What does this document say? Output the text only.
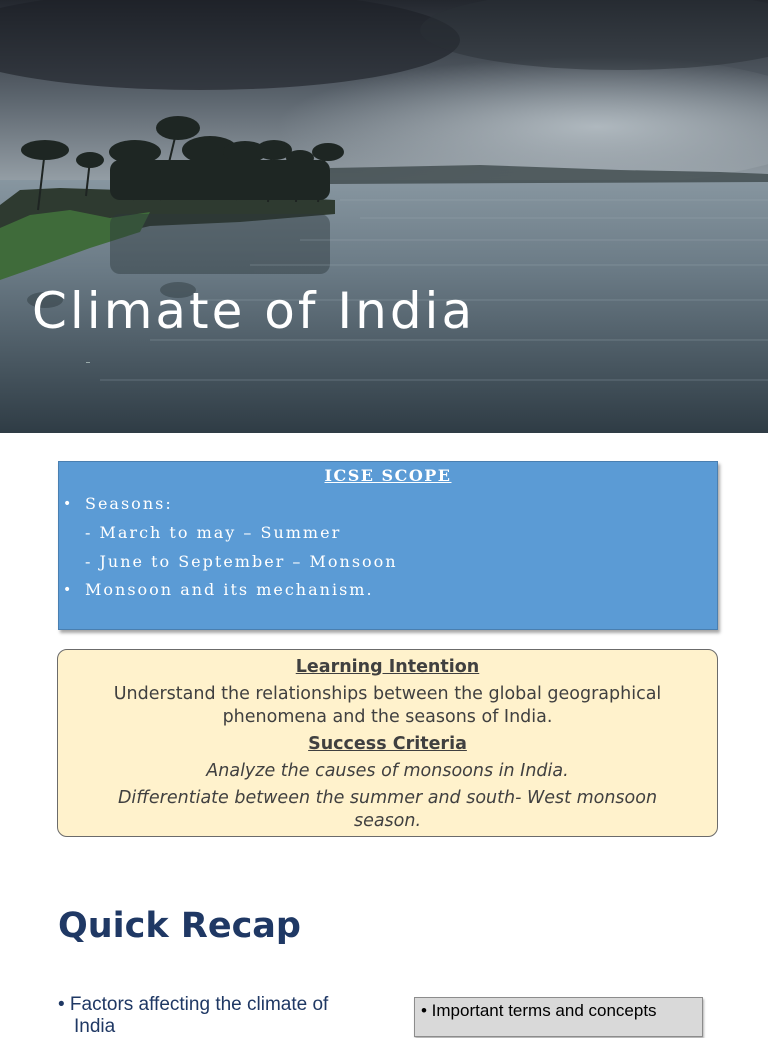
Climate of India
ICSE SCOPE
• Seasons:
- March to may – Summer
- June to September – Monsoon
• Monsoon and its mechanism.
Learning Intention
Understand the relationships between the global geographical
phenomena and the seasons of India.
Success Criteria
Analyze the causes of monsoons in India.
Differentiate between the summer and south- West monsoon
season.
Quick Recap
• Factors affecting the climate of
India
• Important terms and concepts
